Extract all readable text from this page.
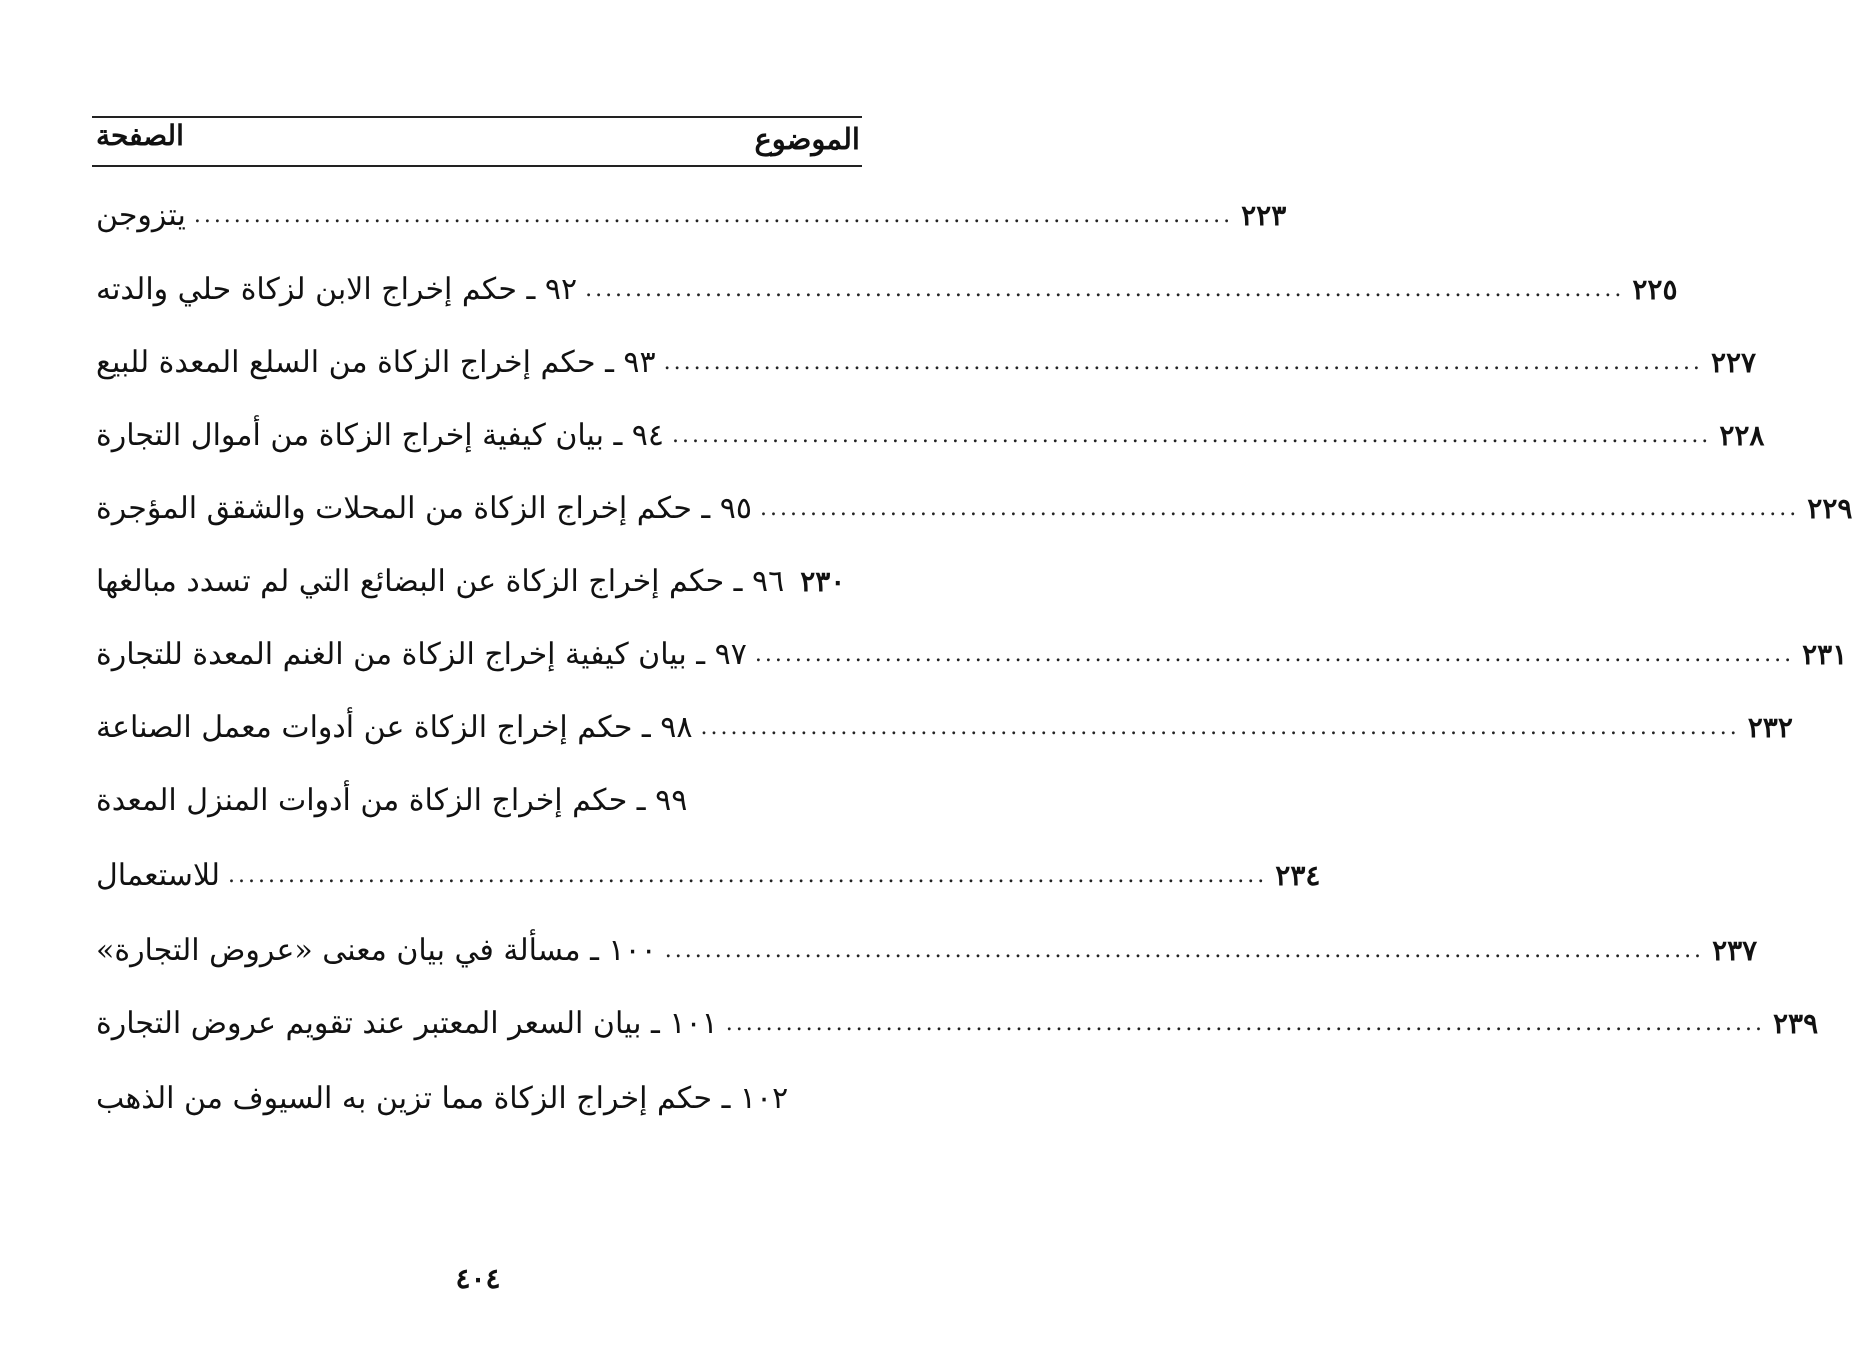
الموضوع
الصفحة
يتزوجن ........................................................................................................ ٢٢٣
٩٢ ـ حكم إخراج الابن لزكاة حلي والدته ........................................................................................................ ٢٢٥
٩٣ ـ حكم إخراج الزكاة من السلع المعدة للبيع ........................................................................................................ ٢٢٧
٩٤ ـ بيان كيفية إخراج الزكاة من أموال التجارة ........................................................................................................ ٢٢٨
٩٥ ـ حكم إخراج الزكاة من المحلات والشقق المؤجرة ........................................................................................................ ٢٢٩
٩٦ ـ حكم إخراج الزكاة عن البضائع التي لم تسدد مبالغها ٢٣٠
٩٧ ـ بيان كيفية إخراج الزكاة من الغنم المعدة للتجارة ........................................................................................................ ٢٣١
٩٨ ـ حكم إخراج الزكاة عن أدوات معمل الصناعة ........................................................................................................ ٢٣٢
٩٩ ـ حكم إخراج الزكاة من أدوات المنزل المعدة
للاستعمال ........................................................................................................ ٢٣٤
١٠٠ ـ مسألة في بيان معنى «عروض التجارة» ........................................................................................................ ٢٣٧
١٠١ ـ بيان السعر المعتبر عند تقويم عروض التجارة ........................................................................................................ ٢٣٩
١٠٢ ـ حكم إخراج الزكاة مما تزين به السيوف من الذهب
٤٠٤
